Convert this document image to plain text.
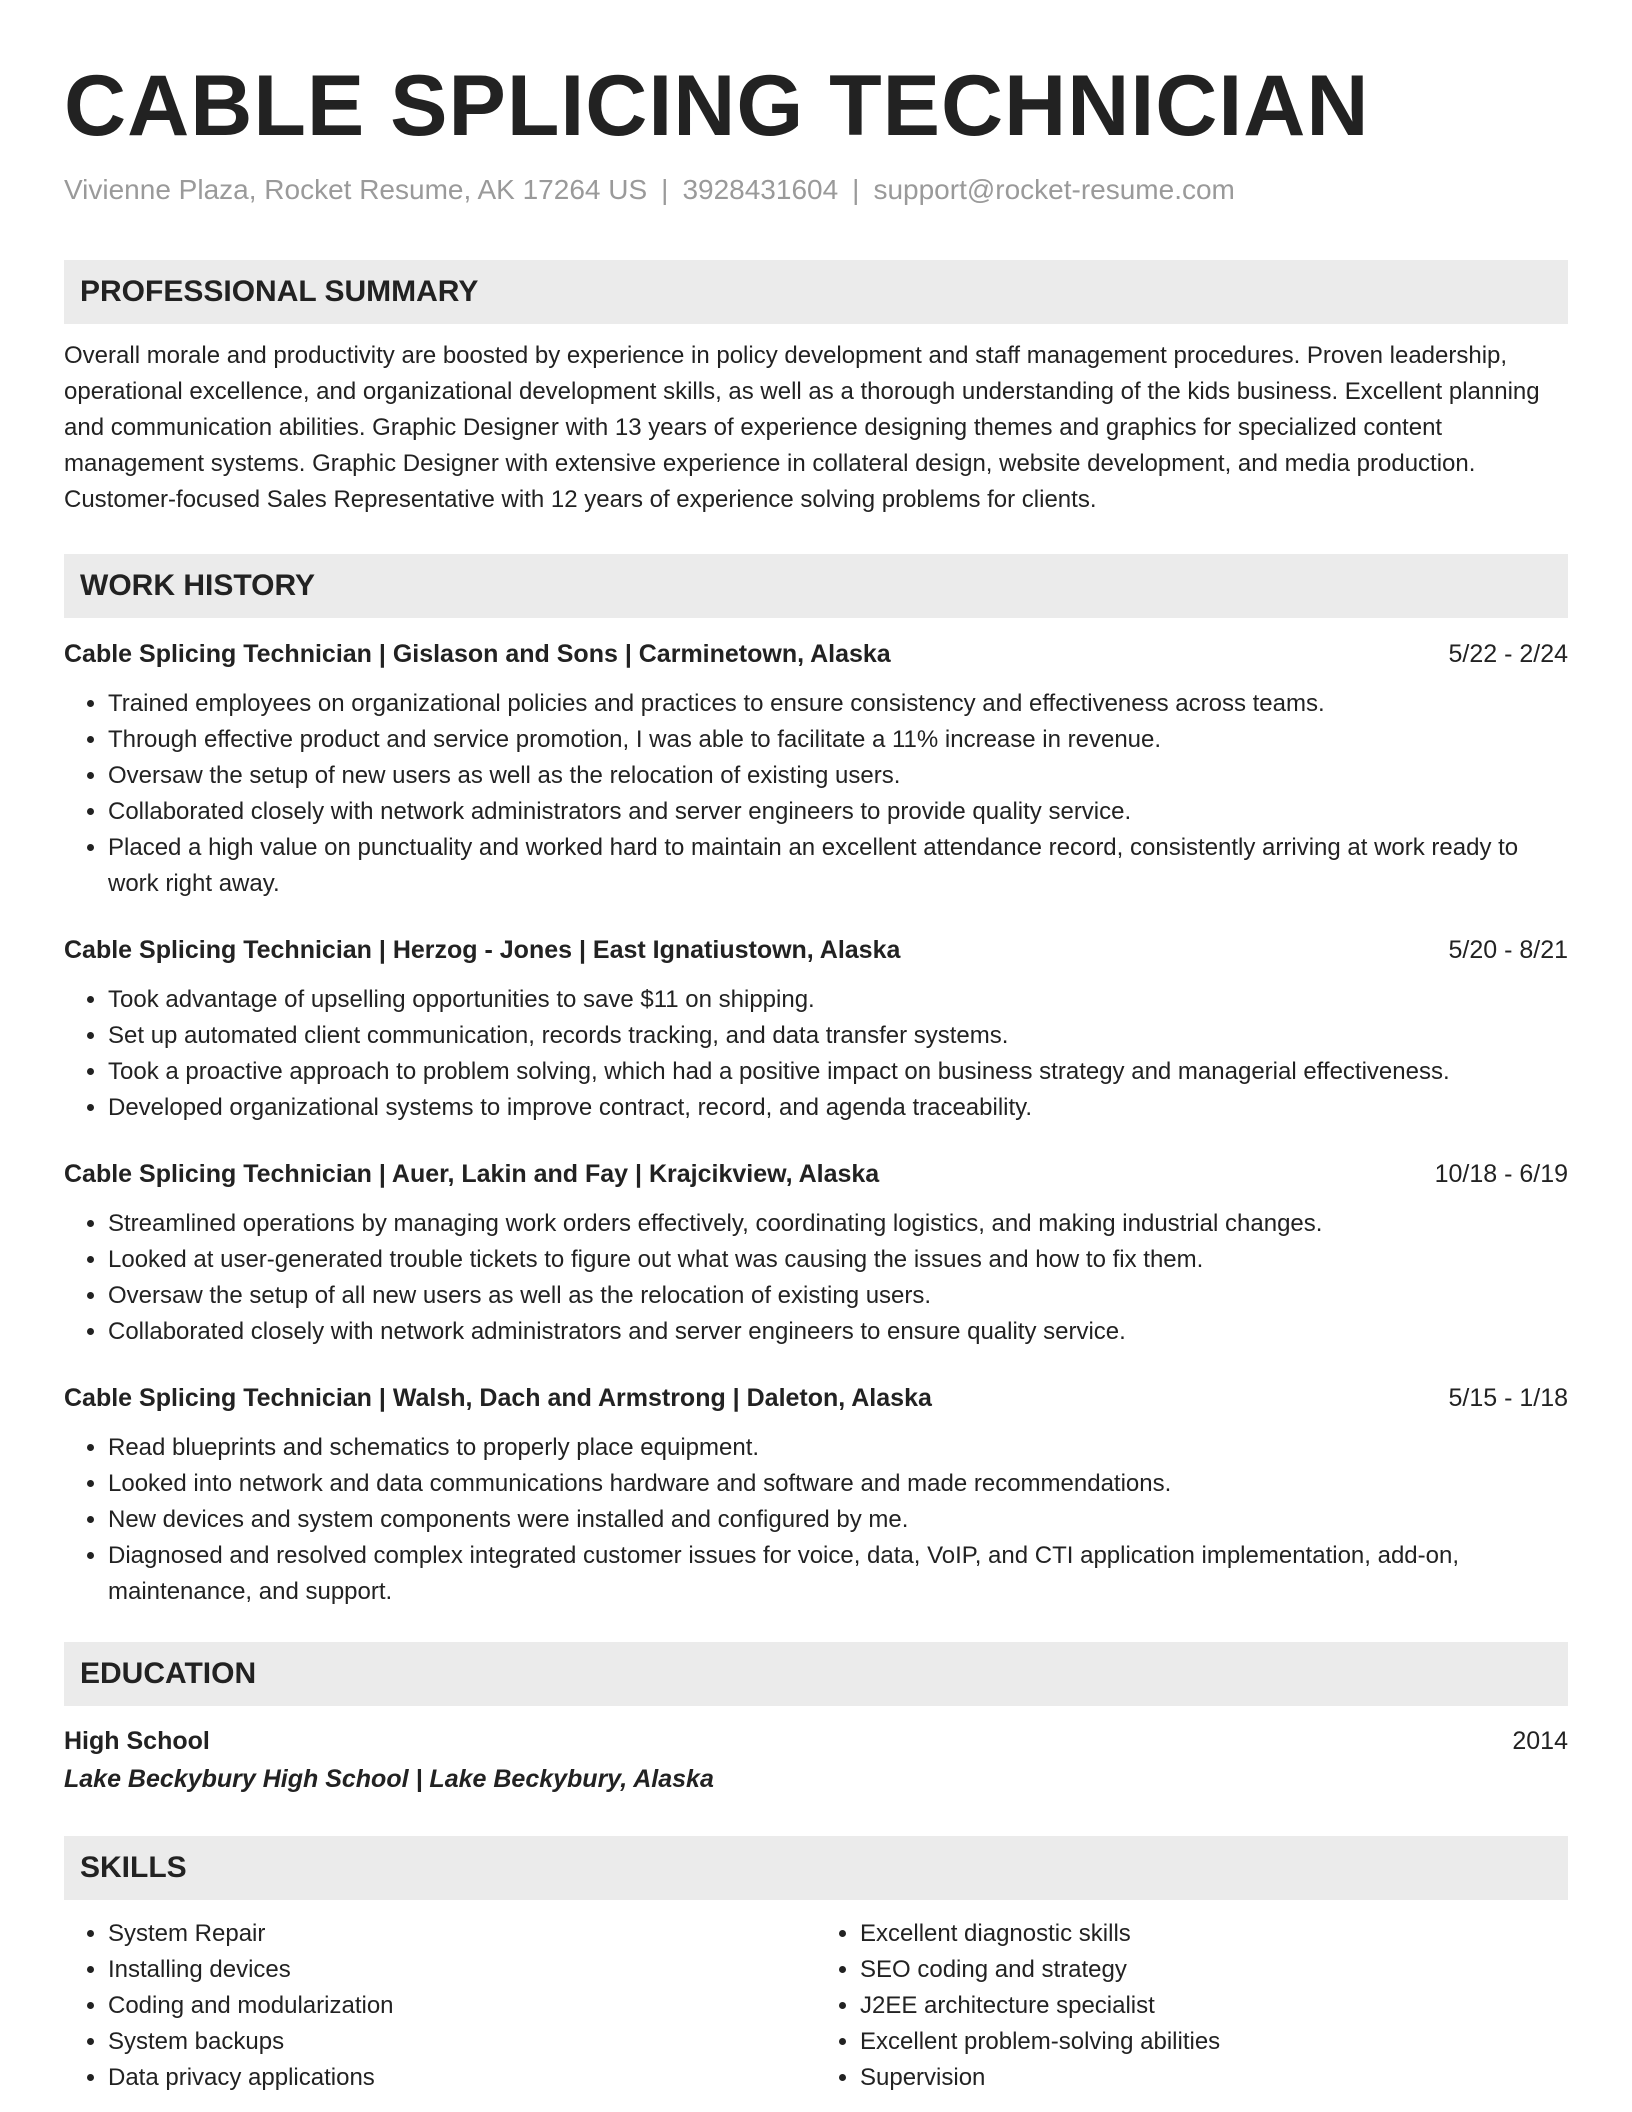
CABLE SPLICING TECHNICIAN
Vivienne Plaza, Rocket Resume, AK 17264 US | 3928431604 | support@rocket-resume.com
PROFESSIONAL SUMMARY

Overall morale and productivity are boosted by experience in policy development and staff management procedures. Proven leadership, operational excellence, and organizational development skills, as well as a thorough understanding of the kids business. Excellent planning and communication abilities. Graphic Designer with 13 years of experience designing themes and graphics for specialized content management systems. Graphic Designer with extensive experience in collateral design, website development, and media production. Customer-focused Sales Representative with 12 years of experience solving problems for clients.

WORK HISTORY
Cable Splicing Technician | Gislason and Sons | Carminetown, Alaska	5/22 - 2/24
• Trained employees on organizational policies and practices to ensure consistency and effectiveness across teams.
• Through effective product and service promotion, I was able to facilitate a 11% increase in revenue.
• Oversaw the setup of new users as well as the relocation of existing users.
• Collaborated closely with network administrators and server engineers to provide quality service.
• Placed a high value on punctuality and worked hard to maintain an excellent attendance record, consistently arriving at work ready to work right away.
Cable Splicing Technician | Herzog - Jones | East Ignatiustown, Alaska	5/20 - 8/21
• Took advantage of upselling opportunities to save $11 on shipping.
• Set up automated client communication, records tracking, and data transfer systems.
• Took a proactive approach to problem solving, which had a positive impact on business strategy and managerial effectiveness.
• Developed organizational systems to improve contract, record, and agenda traceability.
Cable Splicing Technician | Auer, Lakin and Fay | Krajcikview, Alaska	10/18 - 6/19
• Streamlined operations by managing work orders effectively, coordinating logistics, and making industrial changes.
• Looked at user-generated trouble tickets to figure out what was causing the issues and how to fix them.
• Oversaw the setup of all new users as well as the relocation of existing users.
• Collaborated closely with network administrators and server engineers to ensure quality service.
Cable Splicing Technician | Walsh, Dach and Armstrong | Daleton, Alaska	5/15 - 1/18
• Read blueprints and schematics to properly place equipment.
• Looked into network and data communications hardware and software and made recommendations.
• New devices and system components were installed and configured by me.
• Diagnosed and resolved complex integrated customer issues for voice, data, VoIP, and CTI application implementation, add-on, maintenance, and support.
EDUCATION
High School	2014
Lake Beckybury High School | Lake Beckybury, Alaska
SKILLS
• System Repair
• Installing devices
• Coding and modularization
• System backups
• Data privacy applications
• Excellent diagnostic skills
• SEO coding and strategy
• J2EE architecture specialist
• Excellent problem-solving abilities
• Supervision
